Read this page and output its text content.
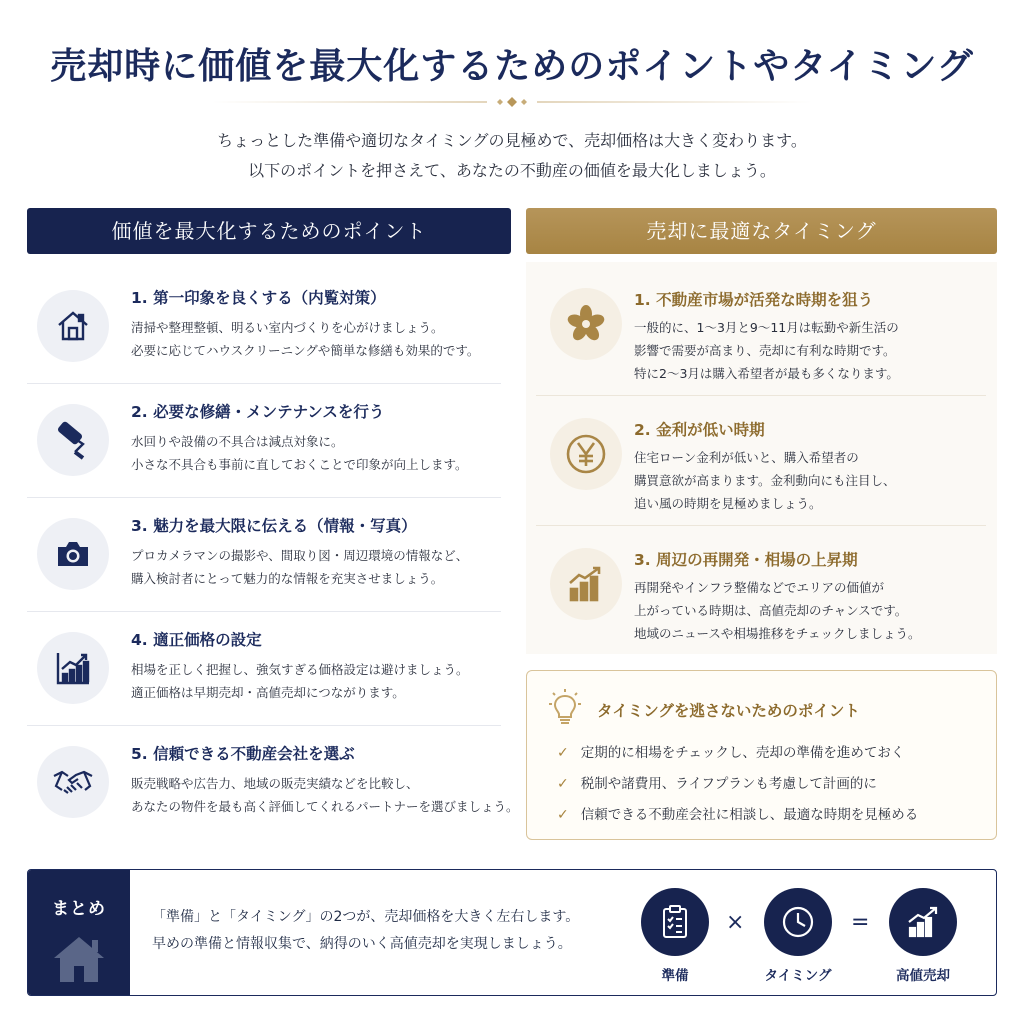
売却時に価値を最大化するためのポイントやタイミング
ちょっとした準備や適切なタイミングの見極めで、売却価格は大きく変わります。
以下のポイントを押さえて、あなたの不動産の価値を最大化しましょう。
価値を最大化するためのポイント
1. 第一印象を良くする（内覧対策）
清掃や整理整頓、明るい室内づくりを心がけましょう。
必要に応じてハウスクリーニングや簡単な修繕も効果的です。
2. 必要な修繕・メンテナンスを行う
水回りや設備の不具合は減点対象に。
小さな不具合も事前に直しておくことで印象が向上します。
3. 魅力を最大限に伝える（情報・写真）
プロカメラマンの撮影や、間取り図・周辺環境の情報など、
購入検討者にとって魅力的な情報を充実させましょう。
4. 適正価格の設定
相場を正しく把握し、強気すぎる価格設定は避けましょう。
適正価格は早期売却・高値売却につながります。
5. 信頼できる不動産会社を選ぶ
販売戦略や広告力、地域の販売実績などを比較し、
あなたの物件を最も高く評価してくれるパートナーを選びましょう。
売却に最適なタイミング
1. 不動産市場が活発な時期を狙う
一般的に、1〜3月と9〜11月は転勤や新生活の
影響で需要が高まり、売却に有利な時期です。
特に2〜3月は購入希望者が最も多くなります。
2. 金利が低い時期
住宅ローン金利が低いと、購入希望者の
購買意欲が高まります。金利動向にも注目し、
追い風の時期を見極めましょう。
3. 周辺の再開発・相場の上昇期
再開発やインフラ整備などでエリアの価値が
上がっている時期は、高値売却のチャンスです。
地域のニュースや相場推移をチェックしましょう。
タイミングを逃さないためのポイント
✓ 定期的に相場をチェックし、売却の準備を進めておく
✓ 税制や諸費用、ライフプランも考慮して計画的に
✓ 信頼できる不動産会社に相談し、最適な時期を見極める
まとめ	「準備」と「タイミング」の2つが、売却価格を大きく左右します。
早めの準備と情報収集で、納得のいく高値売却を実現しましょう。
準備
×
タイミング
=
高値売却
